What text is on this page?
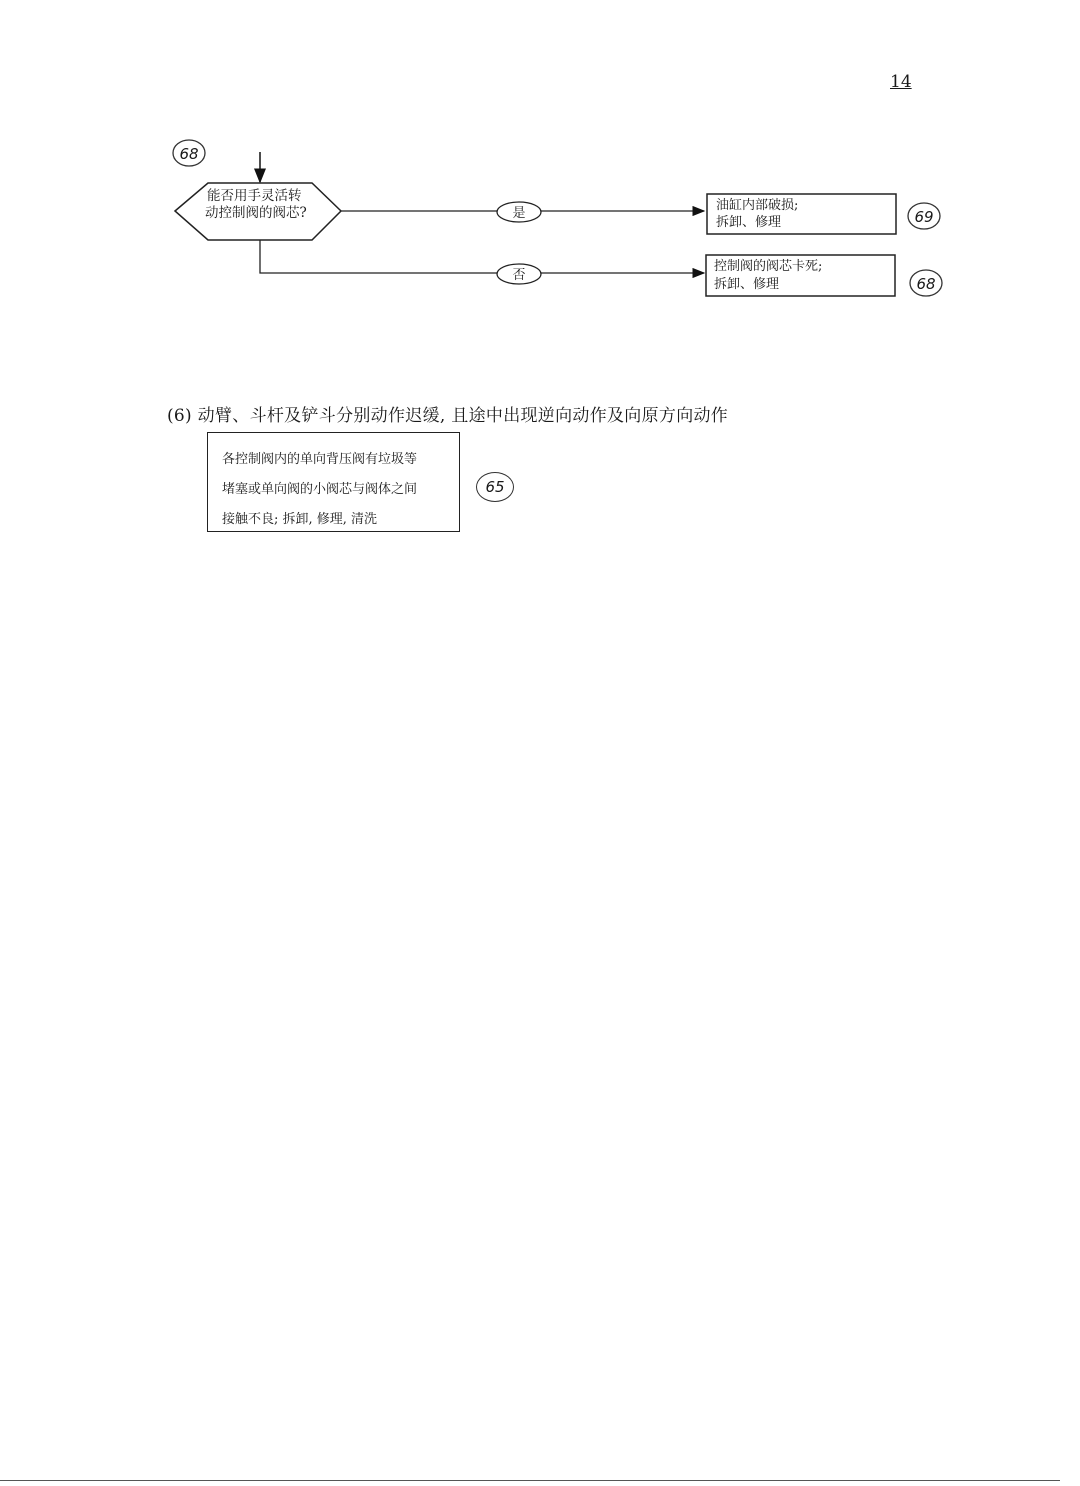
14
68
能否用手灵活转
动控制阀的阀芯?	是
否
油缸内部破损;
拆卸、修理	69
控制阀的阀芯卡死;
拆卸、修理	68
(6) 动臂、斗杆及铲斗分别动作迟缓, 且途中出现逆向动作及向原方向动作
各控制阀内的单向背压阀有垃圾等
堵塞或单向阀的小阀芯与阀体之间
接触不良; 拆卸, 修理, 清洗
65
